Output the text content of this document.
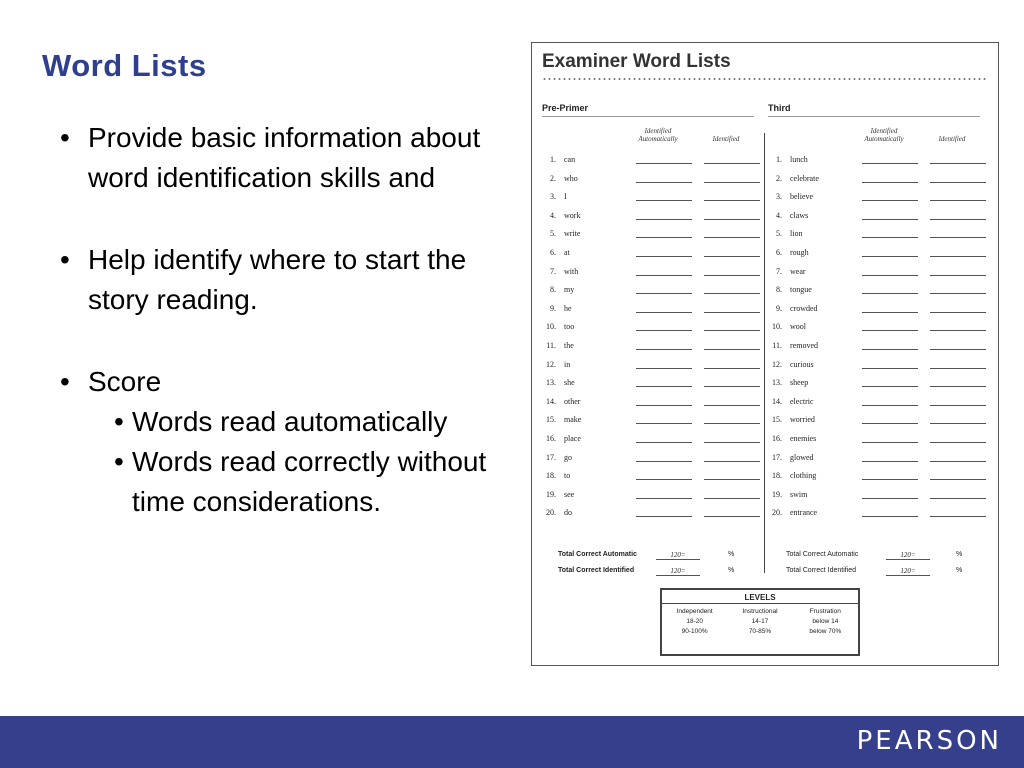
Word Lists
• Provide basic information about word identification skills and
• Help identify where to start the story reading.
• Score
• Words read automatically
• Words read correctly without time considerations.
Examiner Word Lists
Pre-Primer	Third
Identified
Automatically	Identified
Identified
Automatically	Identified
1. can
2. who
3. I
4. work
5. write
6. at
7. with
8. my
9. he
10. too
11. the
12. in
13. she
14. other
15. make
16. place
17. go
18. to
19. see
20. do
1. lunch
2. celebrate
3. believe
4. claws
5. lion
6. rough
7. wear
8. tongue
9. crowded
10. wool
11. removed
12. curious
13. sheep
14. electric
15. worried
16. enemies
17. glowed
18. clothing
19. swim
20. entrance
Total Correct Automatic	120=	%
Total Correct Identified	120=	%
Total Correct Automatic	120=	%
Total Correct Identified	120=	%
LEVELS
Independent	Instructional	Frustration
18-20	14-17	below 14
90-100%	70-85%	below 70%
PEARSON
